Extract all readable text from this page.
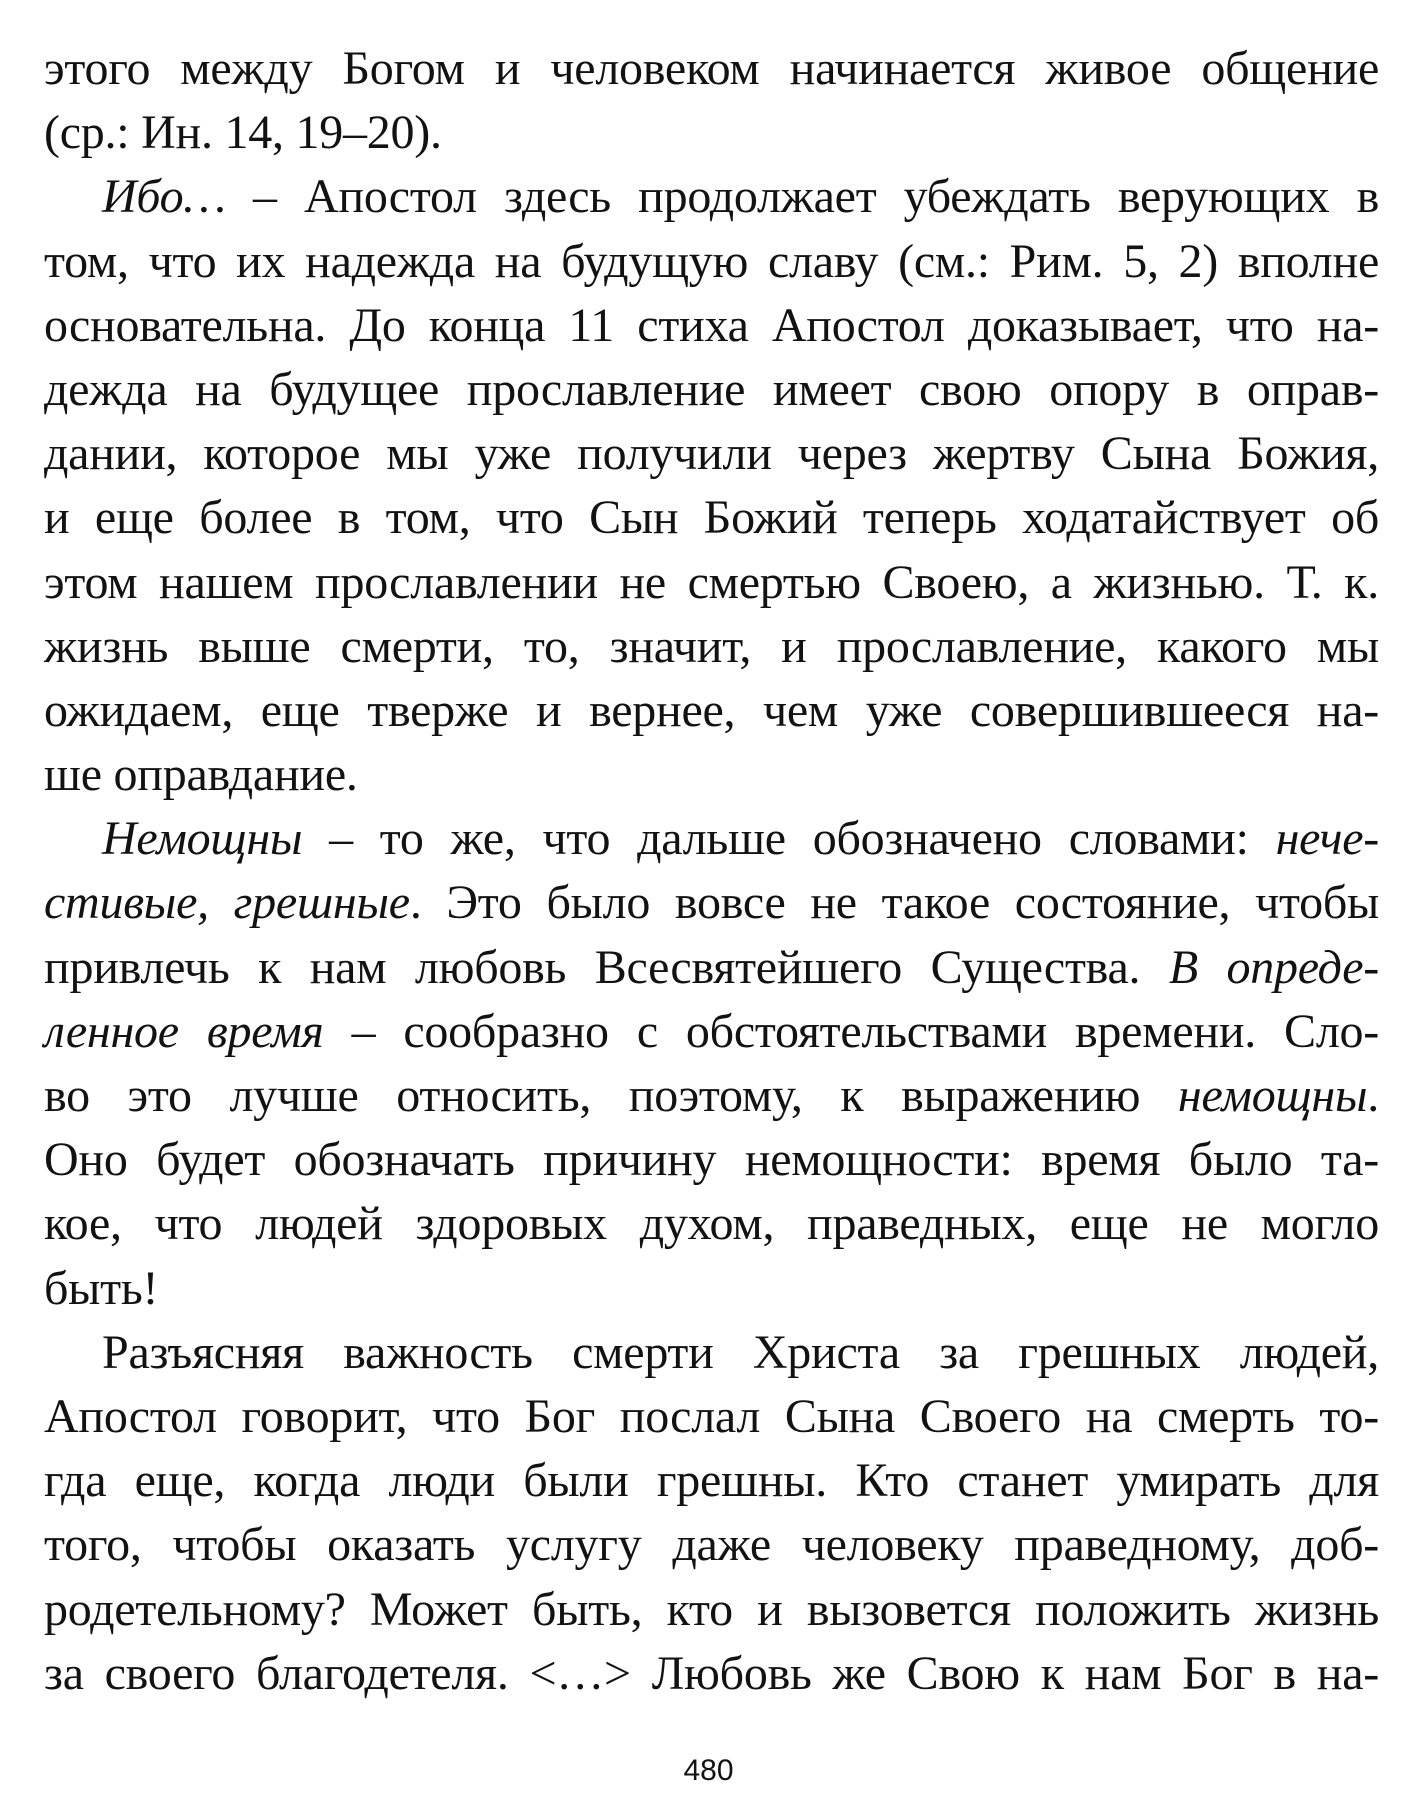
этого между Богом и человеком начинается живое общение
(ср.: Ин. 14, 19–20).
Ибо… – Апостол здесь продолжает убеждать верующих в
том, что их надежда на будущую славу (см.: Рим. 5, 2) вполне
основательна. До конца 11 стиха Апостол доказывает, что на-
дежда на будущее прославление имеет свою опору в оправ-
дании, которое мы уже получили через жертву Сына Божия,
и еще более в том, что Сын Божий теперь ходатайствует об
этом нашем прославлении не смертью Своею, а жизнью. Т. к.
жизнь выше смерти, то, значит, и прославление, какого мы
ожидаем, еще тверже и вернее, чем уже совершившееся на-
ше оправдание.
Немощны – то же, что дальше обозначено словами: нече-
стивые, грешные. Это было вовсе не такое состояние, чтобы
привлечь к нам любовь Всесвятейшего Существа. В опреде-
ленное время – сообразно с обстоятельствами времени. Сло-
во это лучше относить, поэтому, к выражению немощны.
Оно будет обозначать причину немощности: время было та-
кое, что людей здоровых духом, праведных, еще не могло
быть!
Разъясняя важность смерти Христа за грешных людей,
Апостол говорит, что Бог послал Сына Своего на смерть то-
гда еще, когда люди были грешны. Кто станет умирать для
того, чтобы оказать услугу даже человеку праведному, доб-
родетельному? Может быть, кто и вызовется положить жизнь
за своего благодетеля. <…> Любовь же Свою к нам Бог в на-
480
